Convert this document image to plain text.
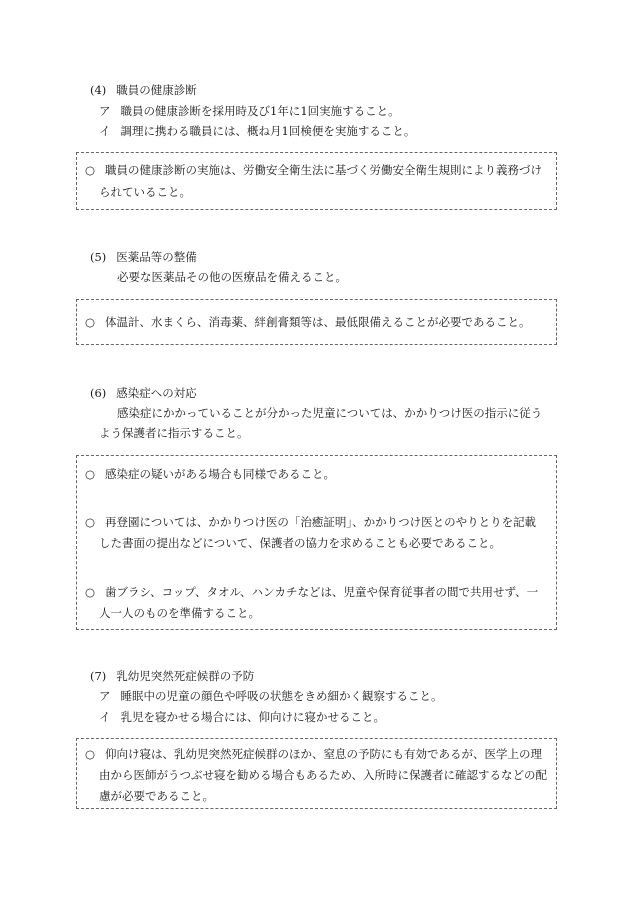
(4) 職員の健康診断
ア 職員の健康診断を採用時及び1年に1回実施すること。
イ 調理に携わる職員には、概ね月1回検便を実施すること。
○ 職員の健康診断の実施は、労働安全衛生法に基づく労働安全衛生規則により義務づけ
られていること。
(5) 医薬品等の整備
必要な医薬品その他の医療品を備えること。
○ 体温計、水まくら、消毒薬、絆創膏類等は、最低限備えることが必要であること。
(6) 感染症への対応
感染症にかかっていることが分かった児童については、かかりつけ医の指示に従う
よう保護者に指示すること。
○ 感染症の疑いがある場合も同様であること。
○ 再登園については、かかりつけ医の「治癒証明」、かかりつけ医とのやりとりを記載
した書面の提出などについて、保護者の協力を求めることも必要であること。
○ 歯ブラシ、コップ、タオル、ハンカチなどは、児童や保育従事者の間で共用せず、一
人一人のものを準備すること。
(7) 乳幼児突然死症候群の予防
ア 睡眠中の児童の顔色や呼吸の状態をきめ細かく観察すること。
イ 乳児を寝かせる場合には、仰向けに寝かせること。
○ 仰向け寝は、乳幼児突然死症候群のほか、窒息の予防にも有効であるが、医学上の理
由から医師がうつぶせ寝を勧める場合もあるため、入所時に保護者に確認するなどの配
慮が必要であること。
